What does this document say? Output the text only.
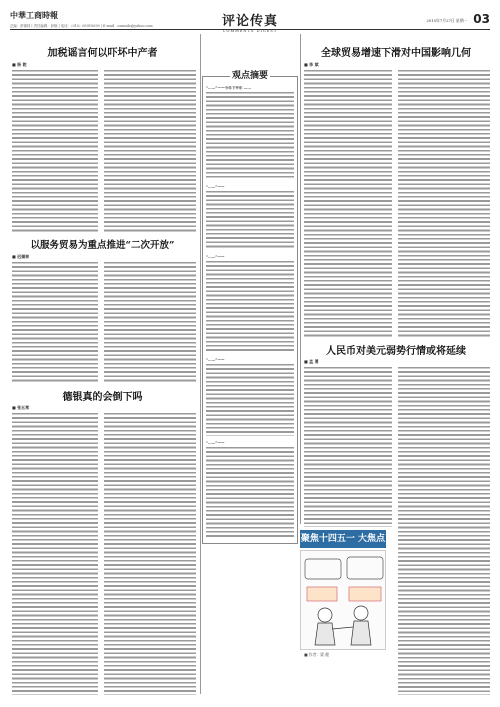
中華工商時報
总编：彭锦林 | 责任编辑：彭晓 | 电话：（010）65910099 | E-mail：onsmile@yahoo.com	评论传真
COMMENTS DIGEST
2015年7月27日 星期一 03
加税谣言何以吓坏中产者
■ 杨 乾
以服务贸易为重点推进“二次开放”
■ 迟福林
德银真的会倒下吗
■ 张五常
观点摘要
“……”——今年下半年 ……
“……”——
“……”——
“……”——
“……”——
全球贸易增速下滑对中国影响几何
■ 李 斌
人民币对美元弱势行情或将延续
■ 孟 勇
聚焦十四五一 大焦点
■ 作者：梁 健
